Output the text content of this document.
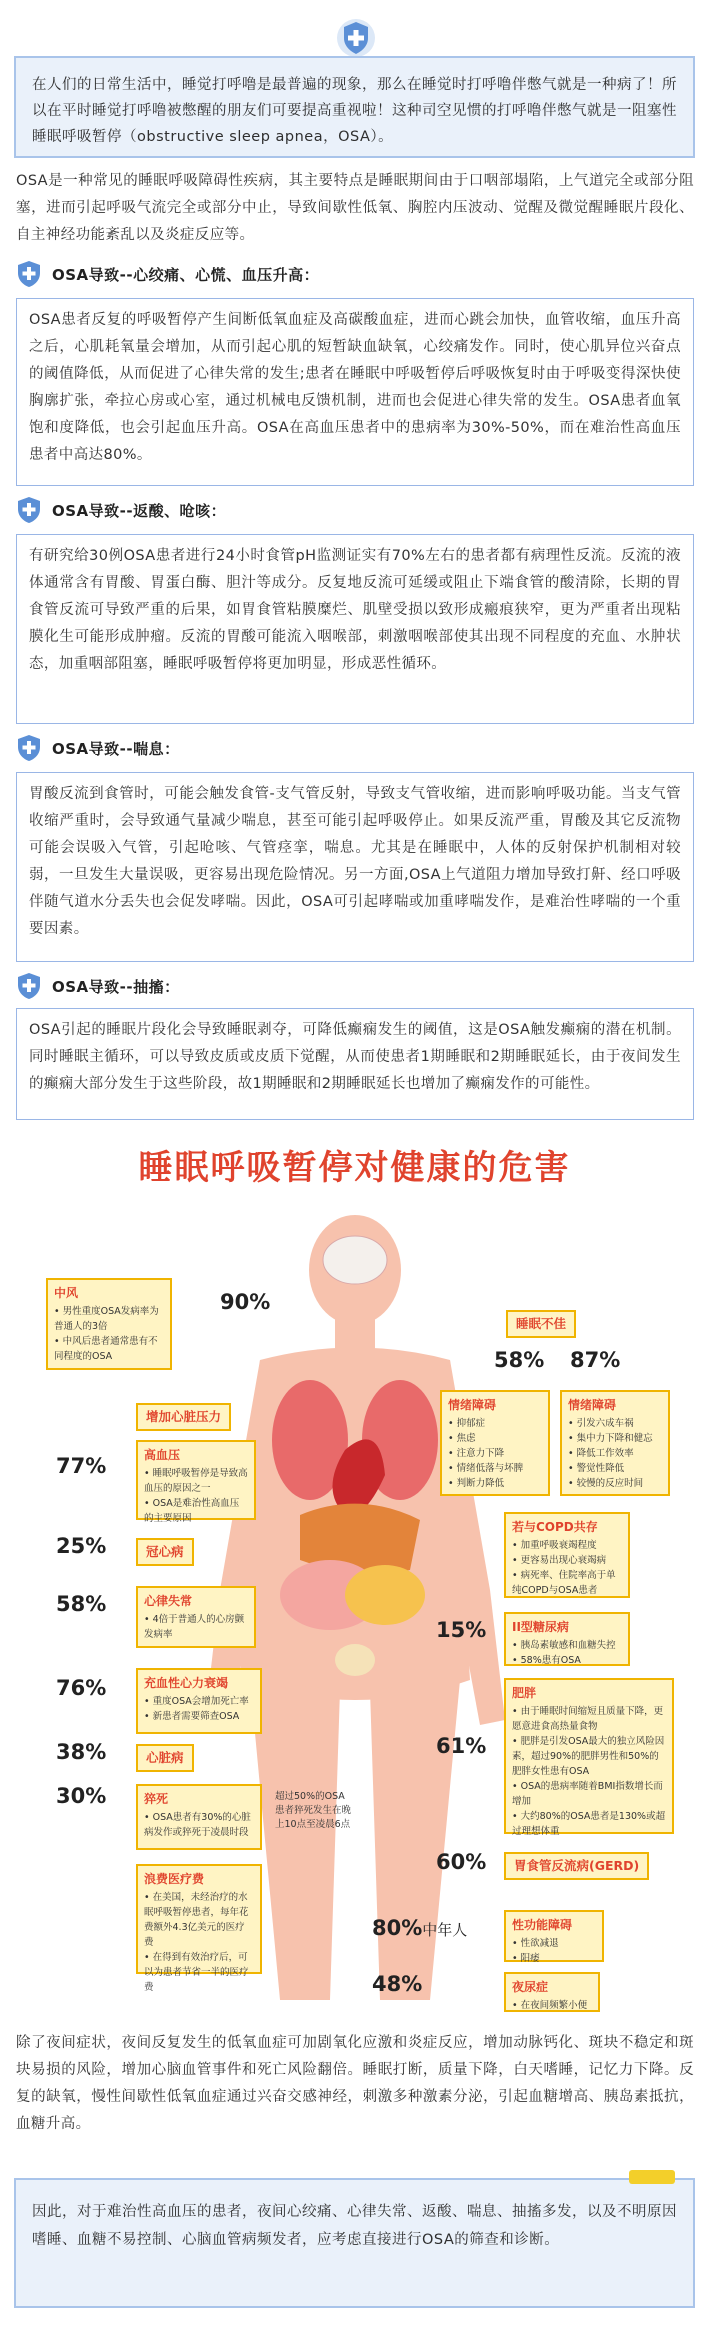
在人们的日常生活中，睡觉打呼噜是最普遍的现象，那么在睡觉时打呼噜伴憋气就是一种病了！所以在平时睡觉打呼噜被憋醒的朋友们可要提高重视啦！这种司空见惯的打呼噜伴憋气就是一阻塞性睡眠呼吸暂停（obstructive sleep apnea，OSA）。
OSA是一种常见的睡眠呼吸障碍性疾病，其主要特点是睡眠期间由于口咽部塌陷，上气道完全或部分阻塞，进而引起呼吸气流完全或部分中止，导致间歇性低氧、胸腔内压波动、觉醒及微觉醒睡眠片段化、自主神经功能紊乱以及炎症反应等。
OSA导致--心绞痛、心慌、血压升高：
OSA患者反复的呼吸暂停产生间断低氧血症及高碳酸血症，进而心跳会加快，血管收缩，血压升高之后，心肌耗氧量会增加，从而引起心肌的短暂缺血缺氧，心绞痛发作。同时，使心肌异位兴奋点的阈值降低，从而促进了心律失常的发生;患者在睡眠中呼吸暂停后呼吸恢复时由于呼吸变得深快使胸廓扩张，牵拉心房或心室，通过机械电反馈机制，进而也会促进心律失常的发生。OSA患者血氧饱和度降低，也会引起血压升高。OSA在高血压患者中的患病率为30%-50%，而在难治性高血压患者中高达80%。
OSA导致--返酸、呛咳：
有研究给30例OSA患者进行24小时食管pH监测证实有70%左右的患者都有病理性反流。反流的液体通常含有胃酸、胃蛋白酶、胆汁等成分。反复地反流可延缓或阻止下端食管的酸清除，长期的胃食管反流可导致严重的后果，如胃食管粘膜糜烂、肌壁受损以致形成瘢痕狭窄，更为严重者出现粘膜化生可能形成肿瘤。反流的胃酸可能流入咽喉部，刺激咽喉部使其出现不同程度的充血、水肿状态，加重咽部阻塞，睡眠呼吸暂停将更加明显，形成恶性循环。
OSA导致--喘息：
胃酸反流到食管时，可能会触发食管-支气管反射，导致支气管收缩，进而影响呼吸功能。当支气管收缩严重时，会导致通气量减少喘息，甚至可能引起呼吸停止。如果反流严重，胃酸及其它反流物可能会误吸入气管，引起呛咳、气管痉挛，喘息。尤其是在睡眠中，人体的反射保护机制相对较弱，一旦发生大量误吸，更容易出现危险情况。另一方面,OSA上气道阻力增加导致打鼾、经口呼吸伴随气道水分丢失也会促发哮喘。因此，OSA可引起哮喘或加重哮喘发作，是难治性哮喘的一个重要因素。
OSA导致--抽搐：
OSA引起的睡眠片段化会导致睡眠剥夺，可降低癫痫发生的阈值，这是OSA触发癫痫的潜在机制。同时睡眠主循环，可以导致皮质或皮质下觉醒，从而使患者1期睡眠和2期睡眠延长，由于夜间发生的癫痫大部分发生于这些阶段，故1期睡眠和2期睡眠延长也增加了癫痫发作的可能性。
睡眠呼吸暂停对健康的危害
中风
• 男性重度OSA发病率为普通人的3倍
• 中风后患者通常患有不同程度的OSA
90%
增加心脏压力
高血压
• 睡眠呼吸暂停是导致高血压的原因之一
• OSA是难治性高血压的主要原因
77%
冠心病
25%
心律失常
• 4倍于普通人的心房颤发病率
58%
充血性心力衰竭
• 重度OSA会增加死亡率
• 新患者需要筛查OSA
76%
心脏病
38%
猝死
• OSA患者有30%的心脏病发作或猝死于凌晨时段
30%
浪费医疗费
• 在美国，未经治疗的水眠呼吸暂停患者，每年花费额外4.3亿美元的医疗费
• 在得到有效治疗后，可以为患者节省一半的医疗费
超过50%的OSA患者猝死发生在晚上10点至凌晨6点
睡眠不佳
58% 87%
情绪障碍
• 抑郁症
• 焦虑
• 注意力下降
• 情绪低落与坏脾
• 判断力降低
情绪障碍
• 引发六成车祸
• 集中力下降和健忘
• 降低工作效率
• 警觉性降低
• 较慢的反应时间
若与COPD共存
• 加重呼吸衰竭程度
• 更容易出现心衰竭病
• 病死率、住院率高于单纯COPD与OSA患者
II型糖尿病
• 胰岛素敏感和血糖失控
• 58%患有OSA
15%
肥胖
• 由于睡眠时间缩短且质量下降，更愿意进食高热量食物
• 肥胖是引发OSA最大的独立风险因素，超过90%的肥胖男性和50%的肥胖女性患有OSA
• OSA的患病率随着BMI指数增长而增加
• 大约80%的OSA患者是130%或超过理想体重
61%
胃食管反流病(GERD)
60%
性功能障碍
• 性欲减退
• 阳痿
80%中年人
夜尿症
• 在夜间频繁小便
48%
除了夜间症状，夜间反复发生的低氧血症可加剧氧化应激和炎症反应，增加动脉钙化、斑块不稳定和斑块易损的风险，增加心脑血管事件和死亡风险翻倍。睡眠打断，质量下降，白天嗜睡，记忆力下降。反复的缺氧，慢性间歇性低氧血症通过兴奋交感神经，刺激多种激素分泌，引起血糖增高、胰岛素抵抗，血糖升高。
因此，对于难治性高血压的患者，夜间心绞痛、心律失常、返酸、喘息、抽搐多发，以及不明原因嗜睡、血糖不易控制、心脑血管病频发者，应考虑直接进行OSA的筛查和诊断。
